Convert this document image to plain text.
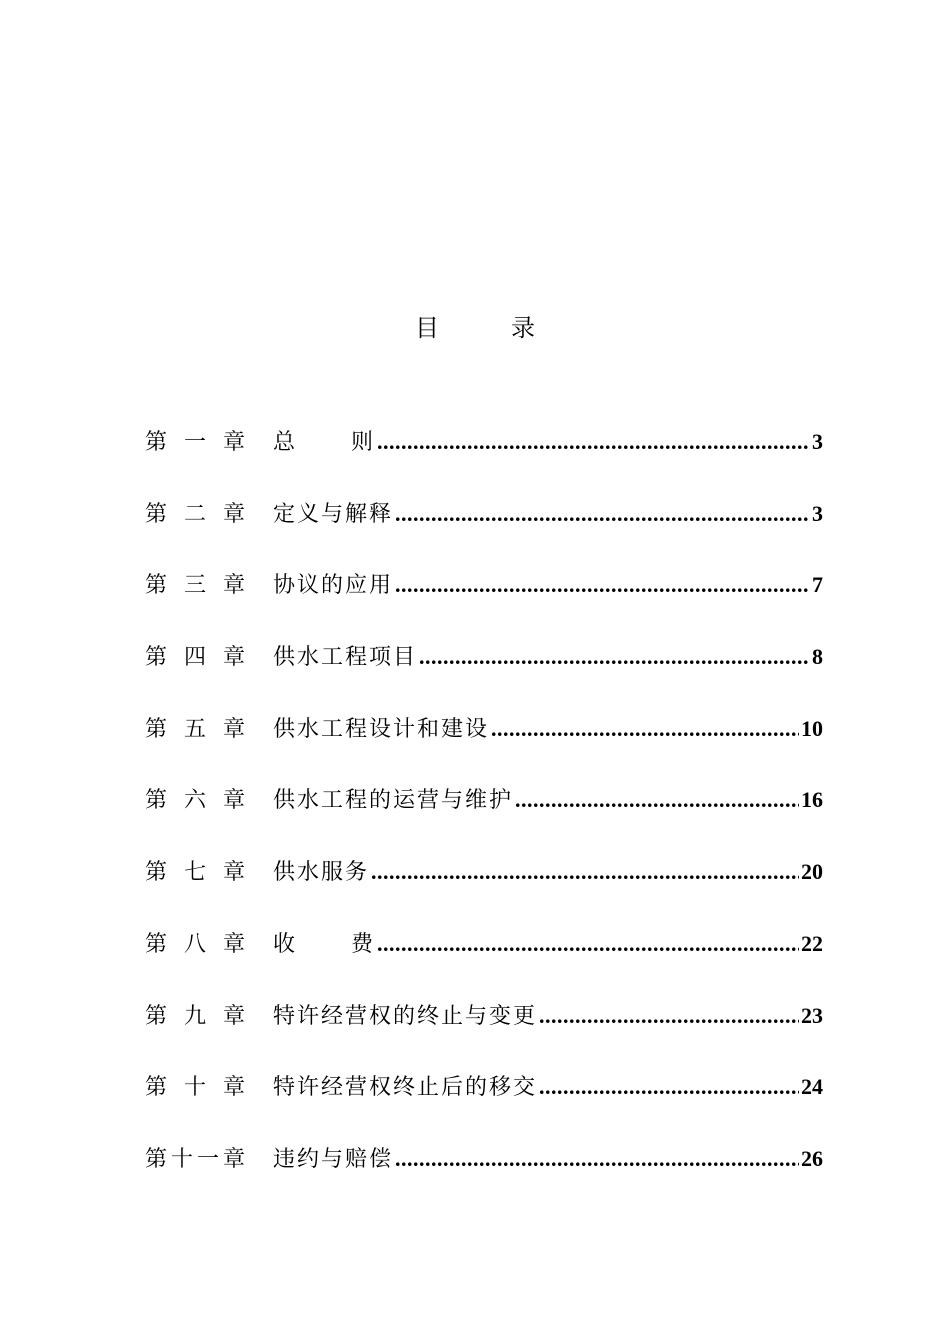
目	录
第 一 章 总 则 .....	3
第 二 章 定义与解释 .....	3
第 三 章 协议的应用 .....	7
第 四 章 供水工程项目 .....	8
第 五 章 供水工程设计和建设 .....	10
第 六 章 供水工程的运营与维护 .....	16
第 七 章 供水服务 .....	20
第 八 章 收 费 .....	22
第 九 章 特许经营权的终止与变更 .....	23
第 十 章 特许经营权终止后的移交 .....	24
第 十 一 章 违约与赔偿 .....	26
